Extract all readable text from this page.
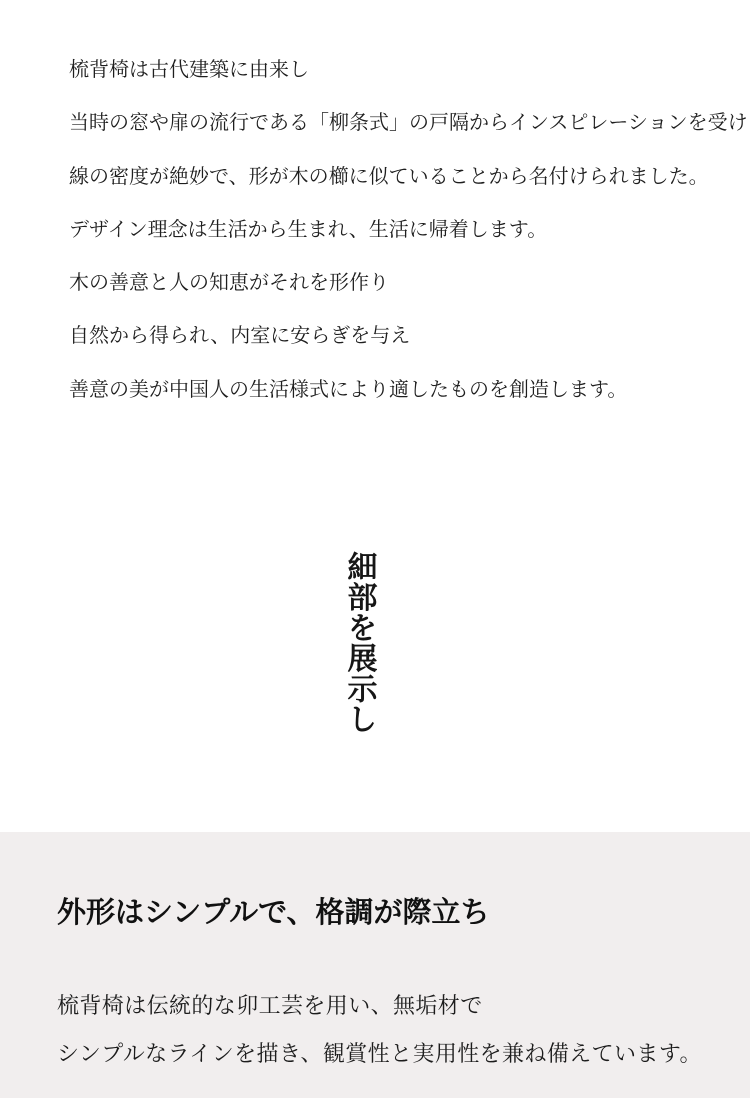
梳背椅は古代建築に由来し

当時の窓や扉の流行である「柳条式」の戸隔からインスピレーションを受け

線の密度が絶妙で、形が木の櫛に似ていることから名付けられました。

デザイン理念は生活から生まれ、生活に帰着します。

木の善意と人の知恵がそれを形作り

自然から得られ、内室に安らぎを与え

善意の美が中国人の生活様式により適したものを創造します。

細部を展示し
外形はシンプルで、格調が際立ち

梳背椅は伝統的な卯工芸を用い、無垢材で

シンプルなラインを描き、観賞性と実用性を兼ね備えています。
